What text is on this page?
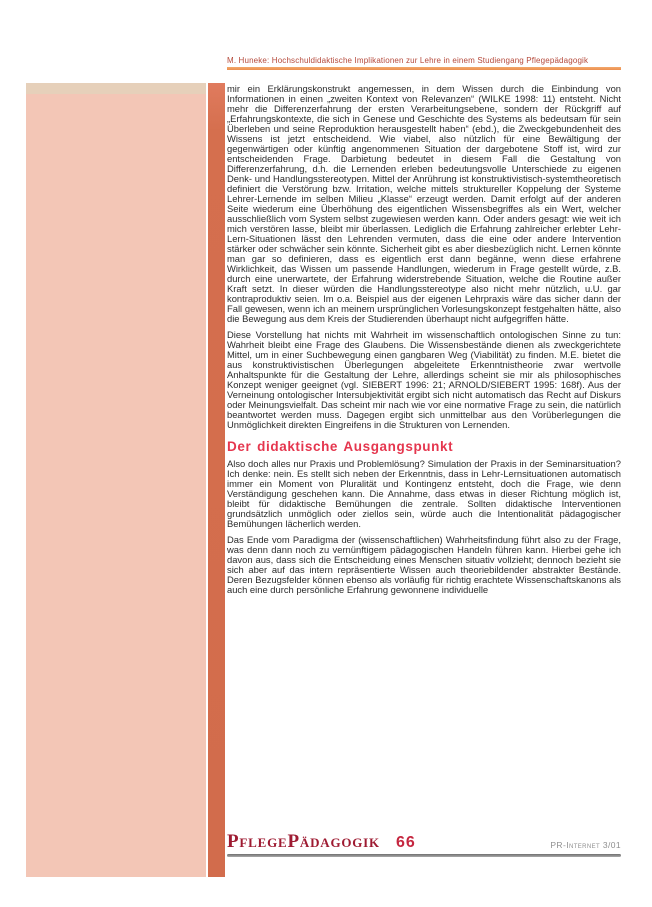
M. Huneke: Hochschuldidaktische Implikationen zur Lehre in einem Studiengang Pflegepädagogik

mir ein Erklärungskonstrukt angemessen, in dem Wissen durch die Einbindung von Informationen in einen „zweiten Kontext von Relevanzen“ (WILKE 1998: 11) entsteht. Nicht mehr die Differenzerfahrung der ersten Verarbeitungsebene, sondern der Rückgriff auf „Erfahrungskontexte, die sich in Genese und Geschichte des Systems als bedeutsam für sein Überleben und seine Reproduktion herausgestellt haben“ (ebd.), die Zweckgebundenheit des Wissens ist jetzt entscheidend. Wie viabel, also nützlich für eine Bewältigung der gegenwärtigen oder künftig angenommenen Situation der dargebotene Stoff ist, wird zur entscheidenden Frage. Darbietung bedeutet in diesem Fall die Gestaltung von Differenzerfahrung, d.h. die Lernenden erleben bedeutungsvolle Unterschiede zu eigenen Denk- und Handlungsstereotypen. Mittel der Anrührung ist konstruktivistisch-systemtheoretisch definiert die Verstörung bzw. Irritation, welche mittels struktureller Koppelung der Systeme Lehrer-Lernende im selben Milieu „Klasse“ erzeugt werden. Damit erfolgt auf der anderen Seite wiederum eine Überhöhung des eigentlichen Wissensbegriffes als ein Wert, welcher ausschließlich vom System selbst zugewiesen werden kann. Oder anders gesagt: wie weit ich mich verstören lasse, bleibt mir überlassen. Lediglich die Erfahrung zahlreicher erlebter Lehr-Lern-Situationen lässt den Lehrenden vermuten, dass die eine oder andere Intervention stärker oder schwächer sein könnte. Sicherheit gibt es aber diesbezüglich nicht. Lernen könnte man gar so definieren, dass es eigentlich erst dann begänne, wenn diese erfahrene Wirklichkeit, das Wissen um passende Handlungen, wiederum in Frage gestellt würde, z.B. durch eine unerwartete, der Erfahrung widerstrebende Situation, welche die Routine außer Kraft setzt. In dieser würden die Handlungsstereotype also nicht mehr nützlich, u.U. gar kontraproduktiv seien. Im o.a. Beispiel aus der eigenen Lehrpraxis wäre das sicher dann der Fall gewesen, wenn ich an meinem ursprünglichen Vorlesungskonzept festgehalten hätte, also die Bewegung aus dem Kreis der Studierenden überhaupt nicht aufgegriffen hätte.

Diese Vorstellung hat nichts mit Wahrheit im wissenschaftlich ontologischen Sinne zu tun: Wahrheit bleibt eine Frage des Glaubens. Die Wissensbestände dienen als zweckgerichtete Mittel, um in einer Suchbewegung einen gangbaren Weg (Viabilität) zu finden. M.E. bietet die aus konstruktivistischen Überlegungen abgeleitete Erkenntnistheorie zwar wertvolle Anhaltspunkte für die Gestaltung der Lehre, allerdings scheint sie mir als philosophisches Konzept weniger geeignet (vgl. SIEBERT 1996: 21; ARNOLD/SIEBERT 1995: 168f). Aus der Verneinung ontologischer Intersubjektivität ergibt sich nicht automatisch das Recht auf Diskurs oder Meinungsvielfalt. Das scheint mir nach wie vor eine normative Frage zu sein, die natürlich beantwortet werden muss. Dagegen ergibt sich unmittelbar aus den Vorüberlegungen die Unmöglichkeit direkten Eingreifens in die Strukturen von Lernenden.

Der didaktische Ausgangspunkt

Also doch alles nur Praxis und Problemlösung? Simulation der Praxis in der Seminarsituation? Ich denke: nein. Es stellt sich neben der Erkenntnis, dass in Lehr-Lernsituationen automatisch immer ein Moment von Pluralität und Kontingenz entsteht, doch die Frage, wie denn Verständigung geschehen kann. Die Annahme, dass etwas in dieser Richtung möglich ist, bleibt für didaktische Bemühungen die zentrale. Sollten didaktische Interventionen grundsätzlich unmöglich oder ziellos sein, würde auch die Intentionalität pädagogischer Bemühungen lächerlich werden.

Das Ende vom Paradigma der (wissenschaftlichen) Wahrheitsfindung führt also zu der Frage, was denn dann noch zu vernünftigem pädagogischen Handeln führen kann. Hierbei gehe ich davon aus, dass sich die Entscheidung eines Menschen situativ vollzieht; dennoch bezieht sie sich aber auf das intern repräsentierte Wissen auch theoriebildender abstrakter Bestände. Deren Bezugsfelder können ebenso als vorläufig für richtig erachtete Wissenschaftskanons als auch eine durch persönliche Erfahrung gewonnene individuelle

PflegePädagogik 66	PR-Internet 3/01
